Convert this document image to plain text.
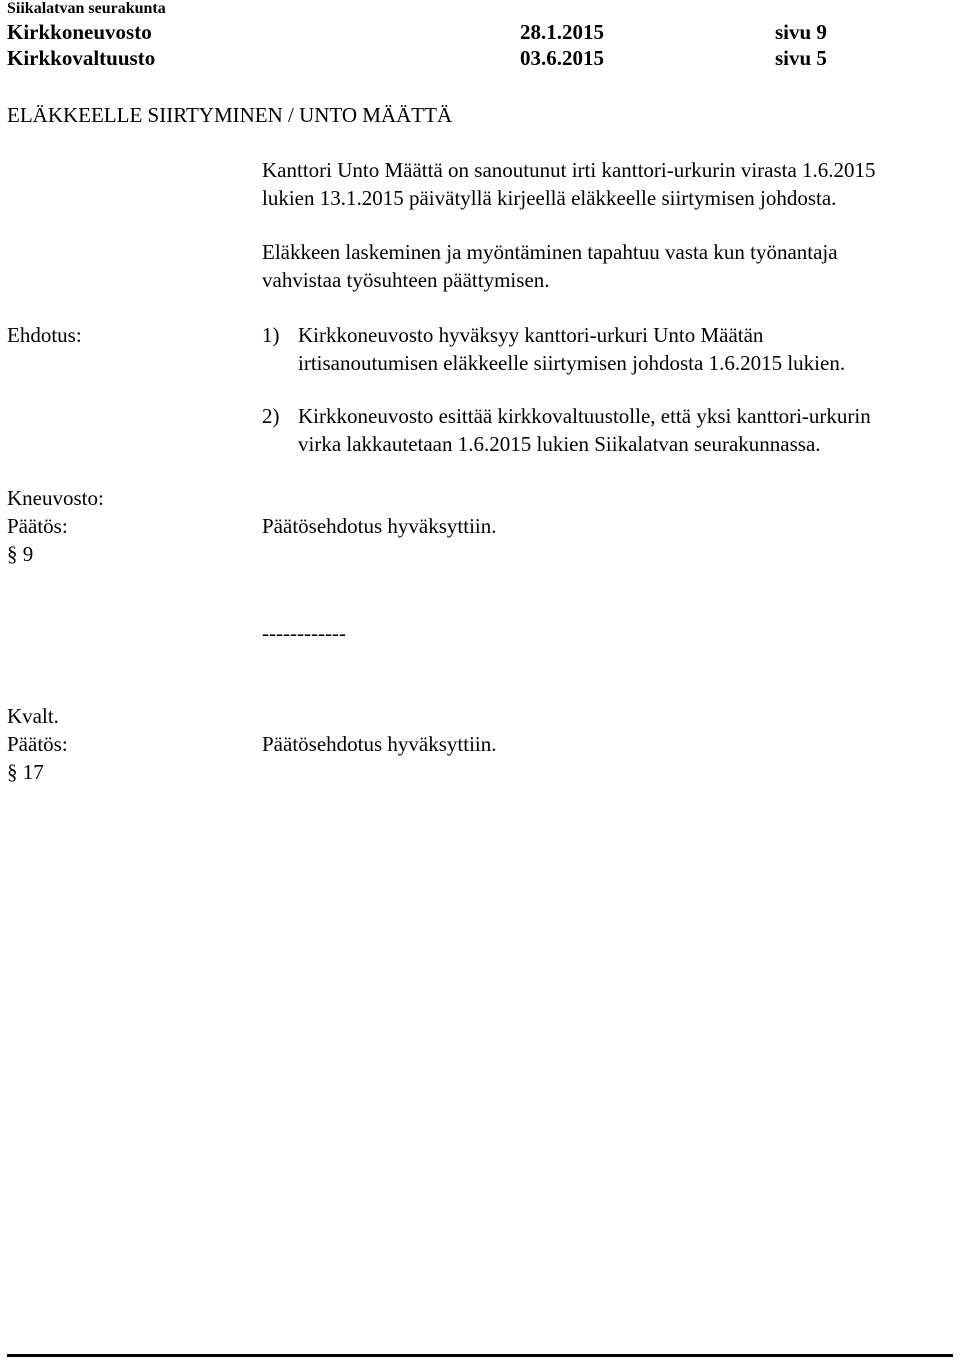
Siikalatvan seurakunta
Kirkkoneuvosto	28.1.2015	sivu 9
Kirkkovaltuusto	03.6.2015	sivu 5
ELÄKKEELLE SIIRTYMINEN / UNTO MÄÄTTÄ
Kanttori Unto Määttä on sanoutunut irti kanttori-urkurin virasta 1.6.2015
lukien 13.1.2015 päivätyllä kirjeellä eläkkeelle siirtymisen johdosta.
Eläkkeen laskeminen ja myöntäminen tapahtuu vasta kun työnantaja
vahvistaa työsuhteen päättymisen.
Ehdotus:	1) Kirkkoneuvosto hyväksyy kanttori-urkuri Unto Määtän
irtisanoutumisen eläkkeelle siirtymisen johdosta 1.6.2015 lukien.
2) Kirkkoneuvosto esittää kirkkovaltuustolle, että yksi kanttori-urkurin
virka lakkautetaan 1.6.2015 lukien Siikalatvan seurakunnassa.
Kneuvosto:
Päätös:	Päätösehdotus hyväksyttiin.
§ 9
------------
Kvalt.
Päätös:	Päätösehdotus hyväksyttiin.
§ 17
